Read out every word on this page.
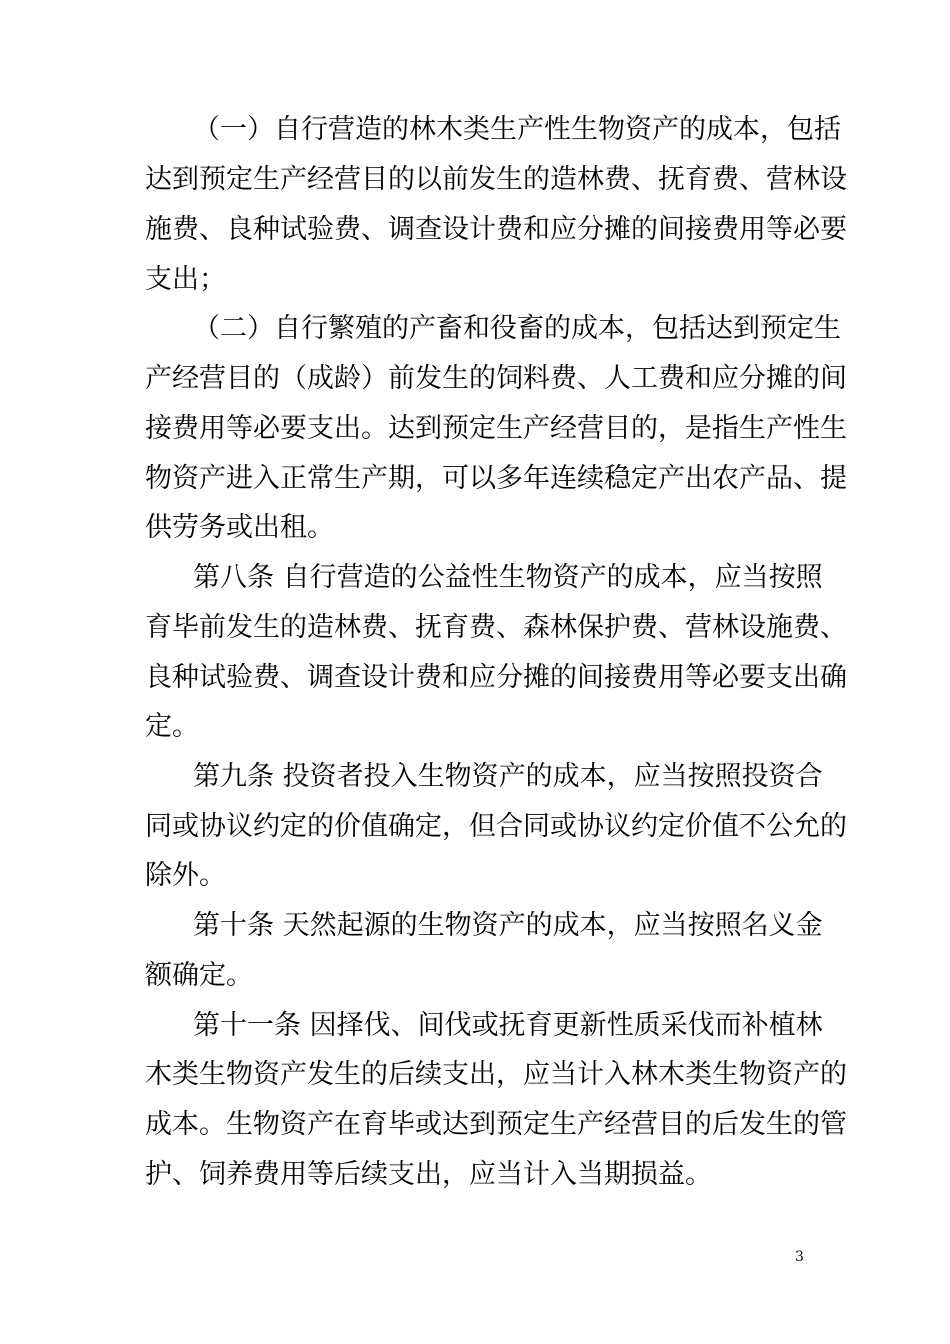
（一）自行营造的林木类生产性生物资产的成本，包括
达到预定生产经营目的以前发生的造林费、抚育费、营林设
施费、良种试验费、调查设计费和应分摊的间接费用等必要
支出；
（二）自行繁殖的产畜和役畜的成本，包括达到预定生
产经营目的（成龄）前发生的饲料费、人工费和应分摊的间
接费用等必要支出。达到预定生产经营目的，是指生产性生
物资产进入正常生产期，可以多年连续稳定产出农产品、提
供劳务或出租。
第八条 自行营造的公益性生物资产的成本，应当按照
育毕前发生的造林费、抚育费、森林保护费、营林设施费、
良种试验费、调查设计费和应分摊的间接费用等必要支出确
定。
第九条 投资者投入生物资产的成本，应当按照投资合
同或协议约定的价值确定，但合同或协议约定价值不公允的
除外。
第十条 天然起源的生物资产的成本，应当按照名义金
额确定。
第十一条 因择伐、间伐或抚育更新性质采伐而补植林
木类生物资产发生的后续支出，应当计入林木类生物资产的
成本。生物资产在育毕或达到预定生产经营目的后发生的管
护、饲养费用等后续支出，应当计入当期损益。
3
